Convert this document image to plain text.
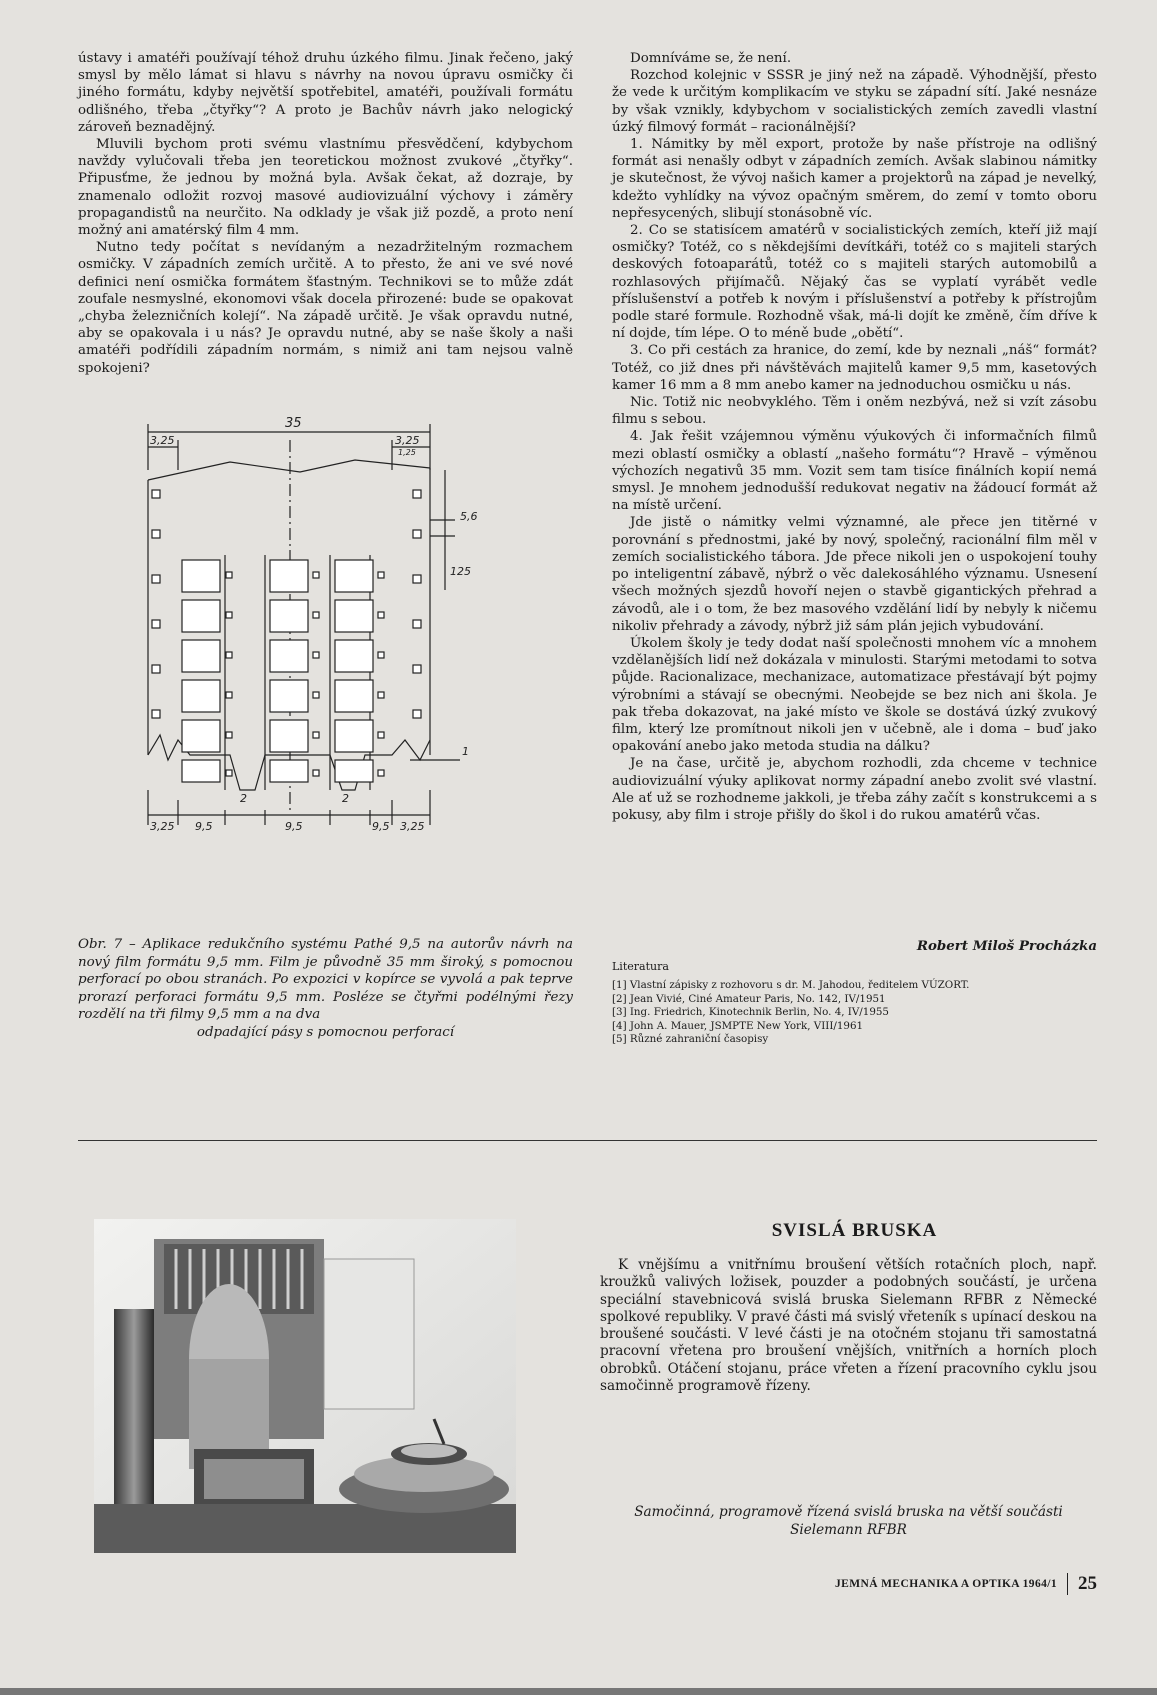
ústavy i amatéři používají téhož druhu úzkého filmu. Jinak řečeno, jaký smysl by mělo lámat si hlavu s návrhy na novou úpravu osmičky či jiného formátu, kdyby největší spotřebitel, amatéři, používali formátu odlišného, třeba „čtyřky“? A proto je Bachův návrh jako nelogický zároveň beznadějný.

Mluvili bychom proti svému vlastnímu přesvědčení, kdybychom navždy vylučovali třeba jen teoretickou možnost zvukové „čtyřky“. Připusťme, že jednou by možná byla. Avšak čekat, až dozraje, by znamenalo odložit rozvoj masové audiovizuální výchovy i záměry propagandistů na neurčito. Na odklady je však již pozdě, a proto není možný ani amatérský film 4 mm.

Nutno tedy počítat s nevídaným a nezadržitelným rozmachem osmičky. V západních zemích určitě. A to přesto, že ani ve své nové definici není osmička formátem šťastným. Technikovi se to může zdát zoufale nesmyslné, ekonomovi však docela přirozené: bude se opakovat „chyba železničních kolejí“. Na západě určitě. Je však opravdu nutné, aby se opakovala i u nás? Je opravdu nutné, aby se naše školy a naši amatéři podřídili západním normám, s nimiž ani tam nejsou valně spokojeni?

35
3,25	3,25
1,25
5,6
125
1
3,25 9,5
2
9,5
2
9,5 3,25
Obr. 7 – Aplikace redukčního systému Pathé 9,5 na autorův návrh na nový film formátu 9,5 mm. Film je původně 35 mm široký, s pomocnou perforací po obou stranách. Po expozici v kopírce se vyvolá a pak teprve prorazí perforaci formátu 9,5 mm. Posléze se čtyřmi podélnými řezy rozdělí na tři filmy 9,5 mm a na dva
odpadající pásy s pomocnou perforací

Domníváme se, že není.

Rozchod kolejnic v SSSR je jiný než na západě. Výhodnější, přesto že vede k určitým komplikacím ve styku se západní sítí. Jaké nesnáze by však vznikly, kdybychom v socialistických zemích zavedli vlastní úzký filmový formát – racionálnější?

1. Námitky by měl export, protože by naše přístroje na odlišný formát asi nenašly odbyt v západních zemích. Avšak slabinou námitky je skutečnost, že vývoj našich kamer a projektorů na západ je nevelký, kdežto vyhlídky na vývoz opačným směrem, do zemí v tomto oboru nepřesycených, slibují stonásobně víc.

2. Co se statisícem amatérů v socialistických zemích, kteří již mají osmičky? Totéž, co s někdejšími devítkáři, totéž co s majiteli starých deskových fotoaparátů, totéž co s majiteli starých automobilů a rozhlasových přijímačů. Nějaký čas se vyplatí vyrábět vedle příslušenství a potřeb k novým i příslušenství a potřeby k přístrojům podle staré formule. Rozhodně však, má-li dojít ke změně, čím dříve k ní dojde, tím lépe. O to méně bude „obětí“.

3. Co při cestách za hranice, do zemí, kde by neznali „náš“ formát? Totéž, co již dnes při návštěvách majitelů kamer 9,5 mm, kasetových kamer 16 mm a 8 mm anebo kamer na jednoduchou osmičku u nás.

Nic. Totiž nic neobvyklého. Těm i oněm nezbývá, než si vzít zásobu filmu s sebou.

4. Jak řešit vzájemnou výměnu výukových či informačních filmů mezi oblastí osmičky a oblastí „našeho formátu“? Hravě – výměnou výchozích negativů 35 mm. Vozit sem tam tisíce finálních kopií nemá smysl. Je mnohem jednodušší redukovat negativ na žádoucí formát až na místě určení.

Jde jistě o námitky velmi významné, ale přece jen titěrné v porovnání s přednostmi, jaké by nový, společný, racionální film měl v zemích socialistického tábora. Jde přece nikoli jen o uspokojení touhy po inteligentní zábavě, nýbrž o věc dalekosáhlého významu. Usnesení všech možných sjezdů hovoří nejen o stavbě gigantických přehrad a závodů, ale i o tom, že bez masového vzdělání lidí by nebyly k ničemu nikoliv přehrady a závody, nýbrž již sám plán jejich vybudování.

Úkolem školy je tedy dodat naší společnosti mnohem víc a mnohem vzdělanějších lidí než dokázala v minulosti. Starými metodami to sotva půjde. Racionalizace, mechanizace, automatizace přestávají být pojmy výrobními a stávají se obecnými. Neobejde se bez nich ani škola. Je pak třeba dokazovat, na jaké místo ve škole se dostává úzký zvukový film, který lze promítnout nikoli jen v učebně, ale i doma – buď jako opakování anebo jako metoda studia na dálku?

Je na čase, určitě je, abychom rozhodli, zda chceme v technice audiovizuální výuky aplikovat normy západní anebo zvolit své vlastní. Ale ať už se rozhodneme jakkoli, je třeba záhy začít s konstrukcemi a s pokusy, aby film i stroje přišly do škol i do rukou amatérů včas.

Robert Miloš Procházka
Literatura
[1] Vlastní zápisky z rozhovoru s dr. M. Jahodou, ředitelem VÚZORT.
[2] Jean Vivié, Ciné Amateur Paris, No. 142, IV/1951
[3] Ing. Friedrich, Kinotechnik Berlin, No. 4, IV/1955
[4] John A. Mauer, JSMPTE New York, VIII/1961
[5] Různé zahraniční časopisy
SVISLÁ BRUSKA

K vnějšímu a vnitřnímu broušení větších rotačních ploch, např. kroužků valivých ložisek, pouzder a podobných součástí, je určena speciální stavebnicová svislá bruska Sielemann RFBR z Německé spolkové republiky. V pravé části má svislý vřeteník s upínací deskou na broušené součásti. V levé části je na otočném stojanu tři samostatná pracovní vřetena pro broušení vnějších, vnitřních a horních ploch obrobků. Otáčení stojanu, práce vřeten a řízení pracovního cyklu jsou samočinně programově řízeny.

Samočinná, programově řízená svislá bruska na větší součásti Sielemann RFBR
JEMNÁ MECHANIKA A OPTIKA 1964/1 25
